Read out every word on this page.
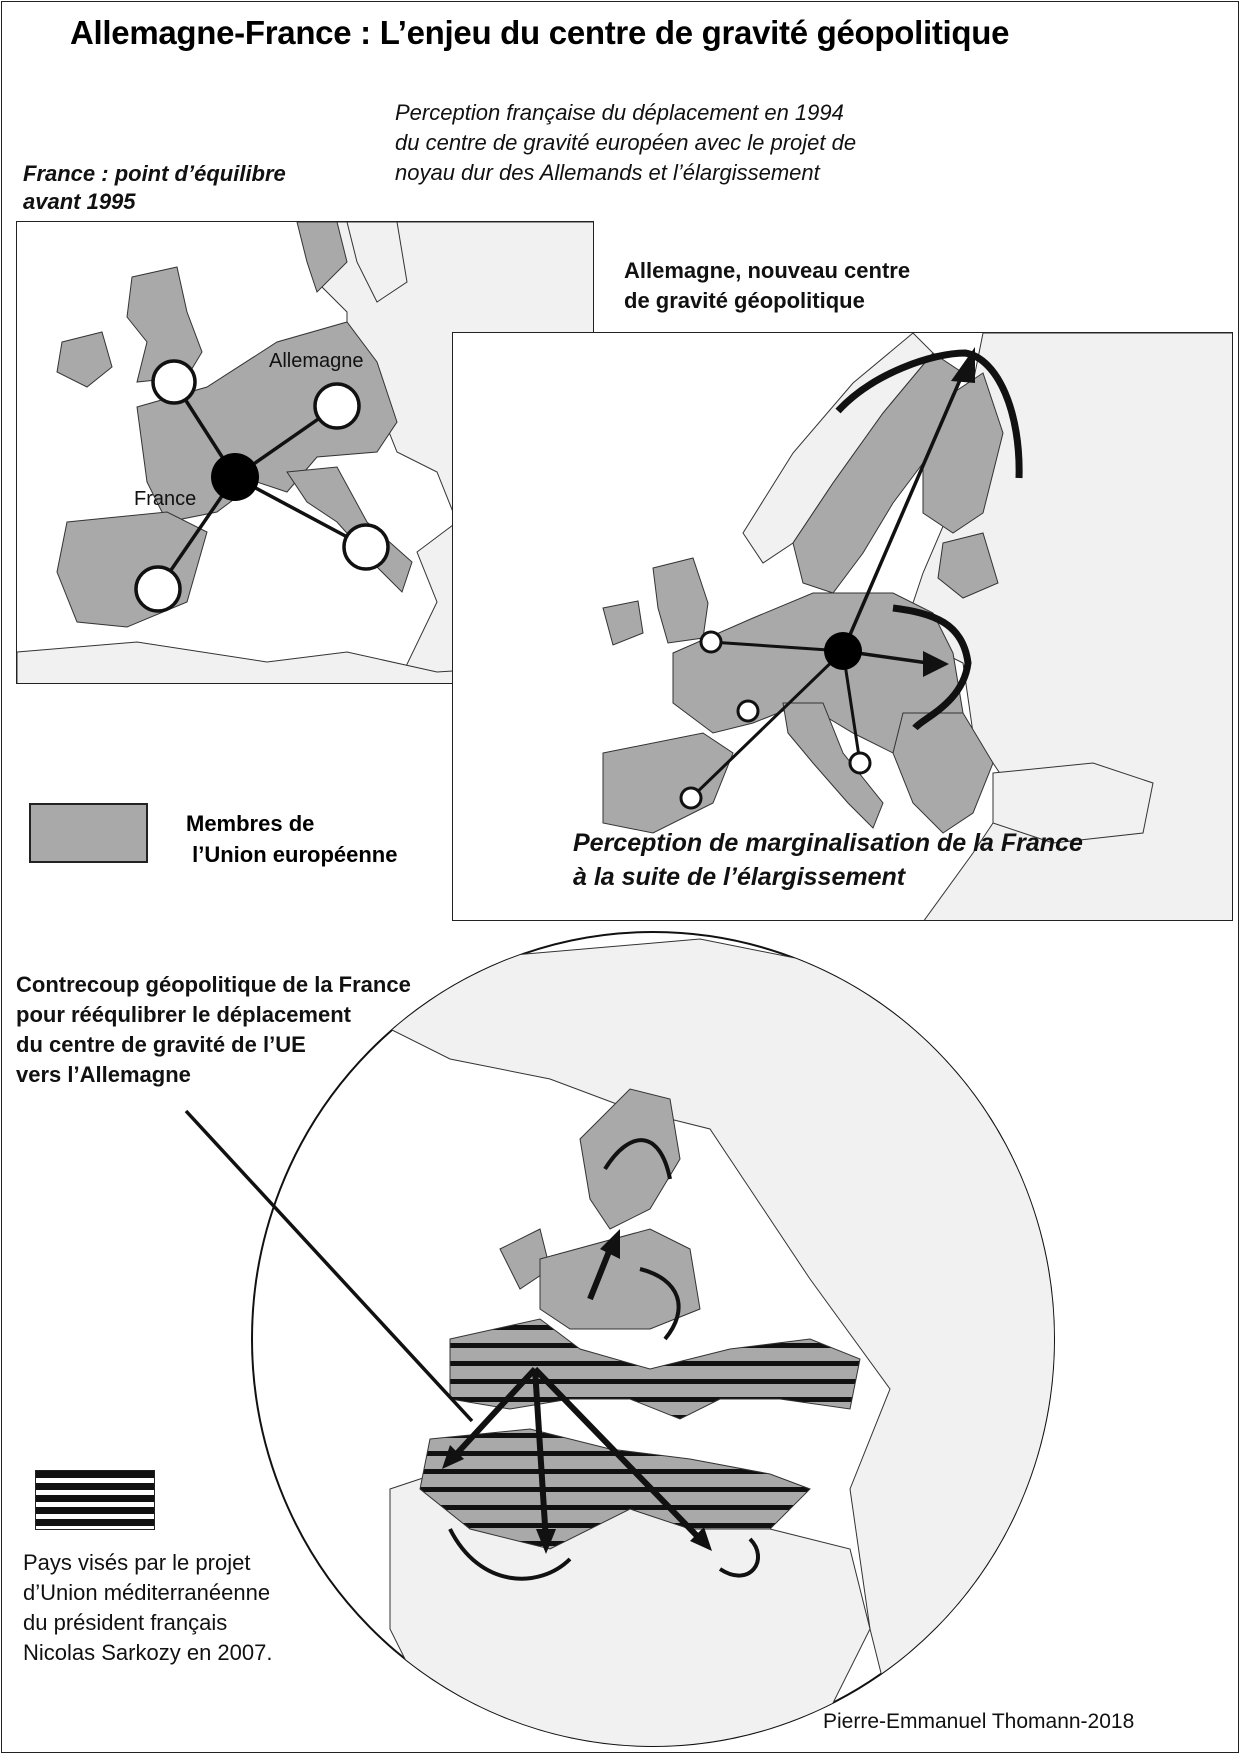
Allemagne-France : L’enjeu du centre de gravité géopolitique
Perception française du déplacement en 1994
du centre de gravité européen avec le projet de
noyau dur des Allemands et l’élargissement
France : point d’équilibre
avant 1995
Allemagne
France
Allemagne, nouveau centre
de gravité géopolitique
Perception de marginalisation de la France
à la suite de l’élargissement
Membres de
l’Union européenne
Contrecoup géopolitique de la France
pour rééqulibrer le déplacement
du centre de gravité de l’UE
vers l’Allemagne
Pays visés par le projet
d’Union méditerranéenne
du président français
Nicolas Sarkozy en 2007.
Pierre-Emmanuel Thomann-2018
